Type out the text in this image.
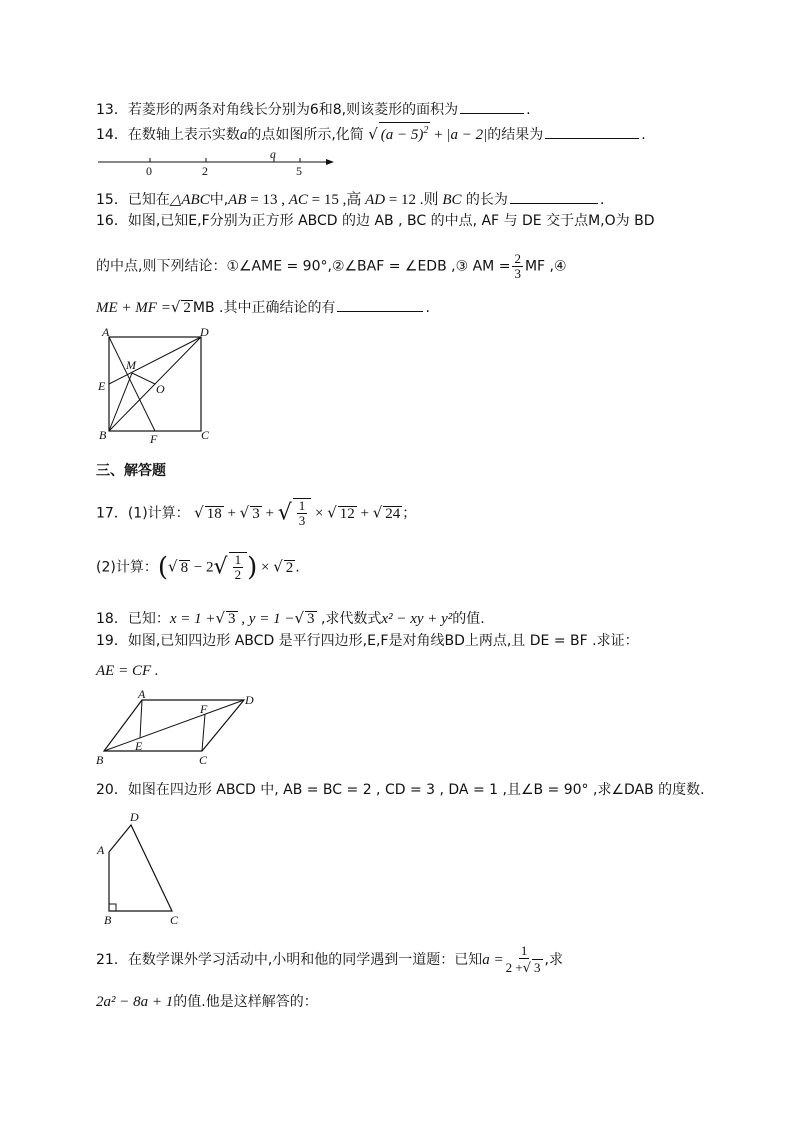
13．若菱形的两条对角线长分别为6和8,则该菱形的面积为	.
14．在数轴上表示实数a的点如图所示,化简 √ $(a - 5)^2 + |a - 2|$的结果为	.
0	2
a
5
15．已知在△ABC中,AB = 13 , AC = 15 ,高 AD = 12 .则 BC 的长为	.
16．如图,已知E,F分别为正方形 ABCD 的边 AB , BC 的中点, AF 与 DE 交于点M,O为 BD
的中点,则下列结论：①∠AME = 90°,②∠BAF = ∠EDB ,③ AM = $\frac{2}{3}$ MF ,④
ME + MF =√ 2 MB .其中正确结论的有	.
A	D
M
E	O
B	F	C
三、解答题
17．(1)计算： √ 18 + √ 3 + √ $\frac{1}{3}$ × √ 12 + √ 24 ；
(2)计算：(√ $8 - 2√ \frac{1}{2}$ ) × √ 2 .
18．已知：x = 1 +√ 3 , y = 1 −√ 3 ,求代数式x² − xy + y²的值.
19．如图,已知四边形 ABCD 是平行四边形,E,F是对角线BD上两点,且 DE = BF .求证：
AE = CF .
A	D
F
E
B	C
20．如图在四边形 ABCD 中, AB = BC = 2 , CD = 3 , DA = 1 ,且∠B = 90° ,求∠DAB 的度数.
D
A
B	C
21．在数学课外学习活动中,小明和他的同学遇到一道题：已知$a = \frac{1}{2 +√ 3}$ ,求
2a² − 8a + 1的值.他是这样解答的：
